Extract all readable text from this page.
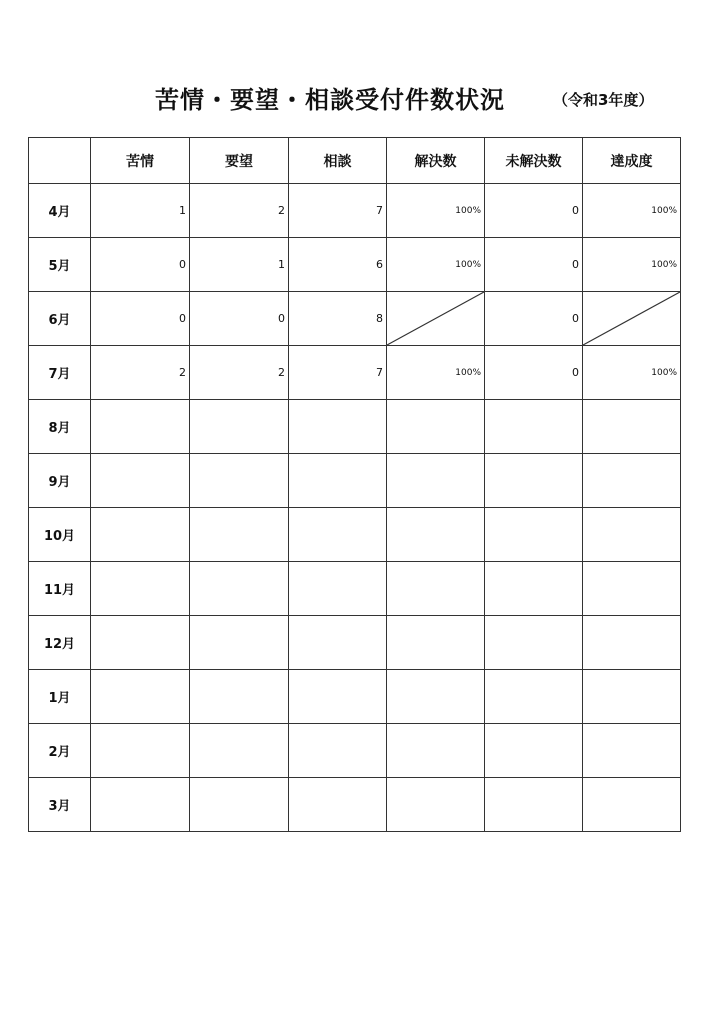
苦情・要望・相談受付件数状況	（令和3年度）
	苦情	要望	相談	解決数	未解決数	達成度
4月	1	2	7	100%	0	100%
5月	0	1	6	100%	0	100%
6月	0	0	8		0	

7月	2	2	7	100%	0	100%
8月						
9月						
10月						
11月						
12月						
1月						
2月						
3月						
